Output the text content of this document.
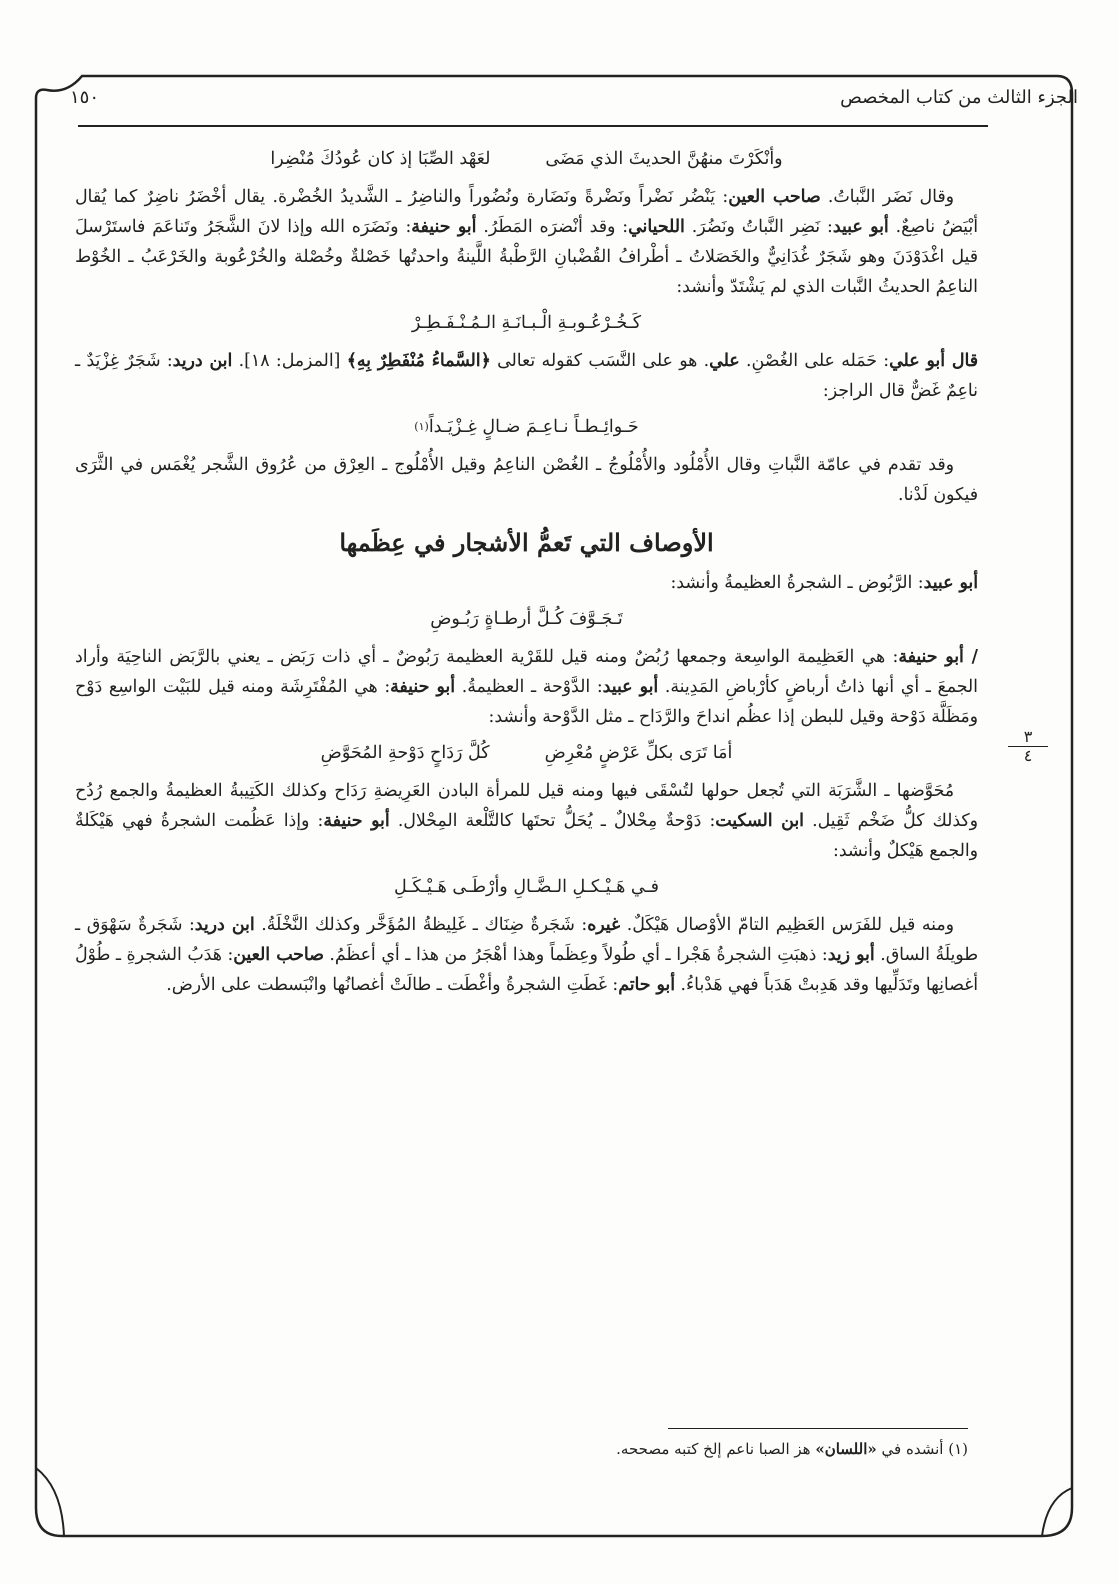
الجزء الثالث من كتاب المخصص
١٥٠
٣
٤
وأنْكَرْتَ منهُنَّ الحديثَ الذي مَضَى
لعَهْد الصِّبَا إذ كان عُودُكَ مُنْضِرا

وقال نَضَر النَّباتُ. صاحب العين: يَنْضُر نَضْراً ونَضْرةً ونَضَارة ونُضُوراً والناضِرُ ـ الشَّديدُ الخُضْرة. يقال أخْضَرُ ناضِرٌ كما يُقال أبْيَضُ ناصِعٌ. أبو عبيد: نَضِر النَّباتُ ونَضُرَ. اللحياني: وقد أنْضرَه المَطَرُ. أبو حنيفة: ونَضَرَه الله وإذا لانَ الشَّجَرُ وتَناعَمَ فاستَرْسلَ قيل اغْدَوْدَنَ وهو شَجَرٌ غُدَانِيٌّ والخَصَلاتُ ـ أطْرافُ القُضْبانِ الرَّطْبةُ اللَّينةُ واحدتُها خَصْلةٌ وخُصْلة والخُرْعُوبة والخَرْعَبُ ـ الخُوْط الناعِمُ الحديثُ النَّبات الذي لم يَشْتَدّ وأنشد:

كَـخُـرْعُـوبـةِ الْـبـانَـةِ الـمُـنْـفَـطِـرْ

قال أبو علي: حَمَله على الغُصْنِ. علي. هو على النَّسَب كقوله تعالى ﴿السَّماءُ مُنْفَطِرٌ بِهِ﴾ [المزمل: ١٨]. ابن دريد: شَجَرٌ غِزْيَدٌ ـ ناعِمٌ غَضٌّ قال الراجز:

حَـوائِـطـاً نـاعِـمَ ضـالٍ غِـزْيَـداً
(١)

وقد تقدم في عامّة النَّباتِ وقال الأُمْلُود والأُمْلُوجُ ـ الغُصْن الناعِمُ وقيل الأُمْلُوج ـ العِرْق من عُرُوق الشَّجر يُغْمَس في الثَّرَى فيكون لَدْنا.

الأوصاف التي تَعمُّ الأشجار في عِظَمها

أبو عبيد: الرَّبُوض ـ الشجرةُ العظيمةُ وأنشد:

تَـجَـوَّفَ كُـلَّ أرطـاةٍ رَبُـوضِ

/ أبو حنيفة: هي العَظِيمة الواسِعة وجمعها رُبُضٌ ومنه قيل للقَرْية العظيمة رَبُوضٌ ـ أي ذات رَبَض ـ يعني بالرَّبَض الناحِيَة وأراد الجمعَ ـ أي أنها ذاتُ أرباضٍ كأرْباضِ المَدِينة. أبو عبيد: الدَّوْحة ـ العظيمةُ. أبو حنيفة: هي المُفْتَرِشَة ومنه قيل للبَيْت الواسِع دَوْح ومَظَلَّة دَوْحة وقيل للبطن إذا عظُم انداحَ والرَّدَاح ـ مثل الدَّوْحة وأنشد:

أمَا تَرَى بكلِّ عَرْضٍ مُعْرِضِ
كُلَّ رَدَاحٍ دَوْحةِ المُحَوَّضِ

مُحَوَّضها ـ الشَّرَبَة التي تُجعل حولها لتُسْقَى فيها ومنه قيل للمرأة البادن العَرِيضةِ رَدَاح وكذلك الكَتِيبةُ العظيمةُ والجمع رُدُح وكذلك كلُّ ضَخْم ثَقِيل. ابن السكيت: دَوْحةٌ مِحْلالٌ ـ يُحَلُّ تحتَها كالتَّلْعة المِحْلال. أبو حنيفة: وإذا عَظُمت الشجرةُ فهي هَيْكَلةٌ والجمع هَيْكلٌ وأنشد:

فـي هَـيْـكـلِ الـضَّـالِ وأرْطَـى هَـيْـكَـلِ

ومنه قيل للفَرَس العَظِيم التامّ الأوْصال هَيْكَلٌ. غيره: شَجَرةٌ ضِنَاك ـ غَلِيظةُ المُؤَخَّر وكذلك النَّخْلَةُ. ابن دريد: شَجَرةٌ سَهْوَق ـ طويلَةُ الساق. أبو زيد: ذهبَتِ الشجرةُ هَجْرا ـ أي طُولاً وعِظَماً وهذا أهْجَرُ من هذا ـ أي أعظَمُ. صاحب العين: هَدَبُ الشجرةِ ـ طُوْلُ أغصانِها وتَدَلِّيها وقد هَدِبتْ هَدَباً فهي هَدْباءُ. أبو حاتم: غَطَتِ الشجرةُ وأغْطَت ـ طالَتْ أغصانُها وانْبَسطت على الأرض.

(١) أنشده في «اللسان» هز الصبا ناعم إلخ كتبه مصححه.
